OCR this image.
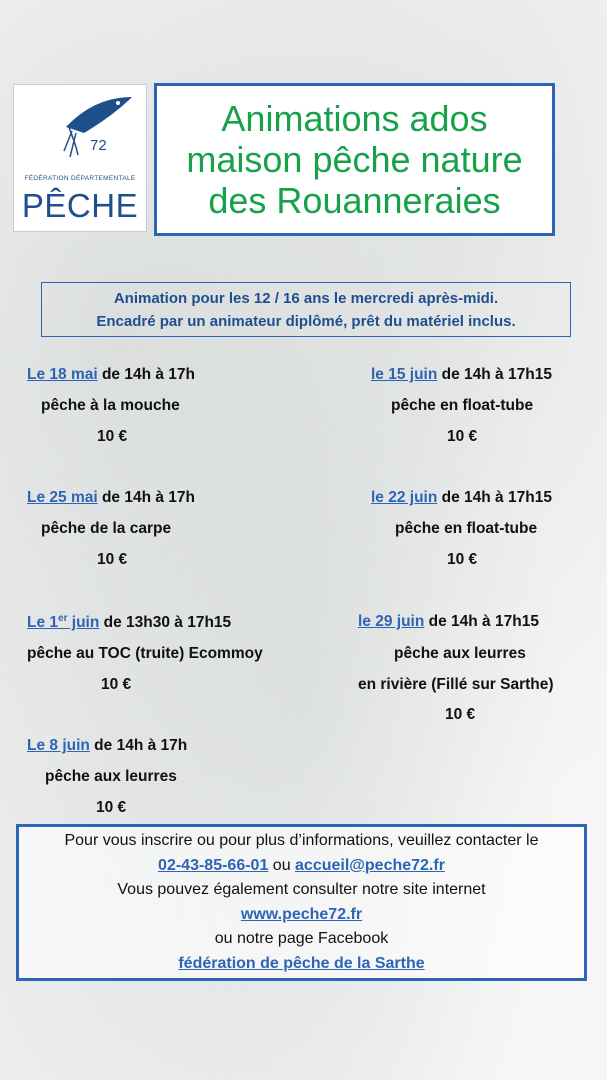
72
FÉDÉRATION DÉPARTEMENTALE
PÊCHE
Animations ados
maison pêche nature
des Rouanneraies
Animation pour les 12 / 16 ans le mercredi après-midi.
Encadré par un animateur diplômé, prêt du matériel inclus.
Le 18 mai de 14h à 17h
pêche à la mouche
10 €
Le 25 mai de 14h à 17h
pêche de la carpe
10 €
Le 1er juin de 13h30 à 17h15
pêche au TOC (truite) Ecommoy
10 €
Le 8 juin de 14h à 17h
pêche aux leurres
10 €
le 15 juin de 14h à 17h15
pêche en float-tube
10 €
le 22 juin de 14h à 17h15
pêche en float-tube
10 €
le 29 juin de 14h à 17h15
pêche aux leurres
en rivière (Fillé sur Sarthe)
10 €
Pour vous inscrire ou pour plus d’informations, veuillez contacter le
02-43-85-66-01 ou accueil@peche72.fr
Vous pouvez également consulter notre site internet
www.peche72.fr
ou notre page Facebook
fédération de pêche de la Sarthe
